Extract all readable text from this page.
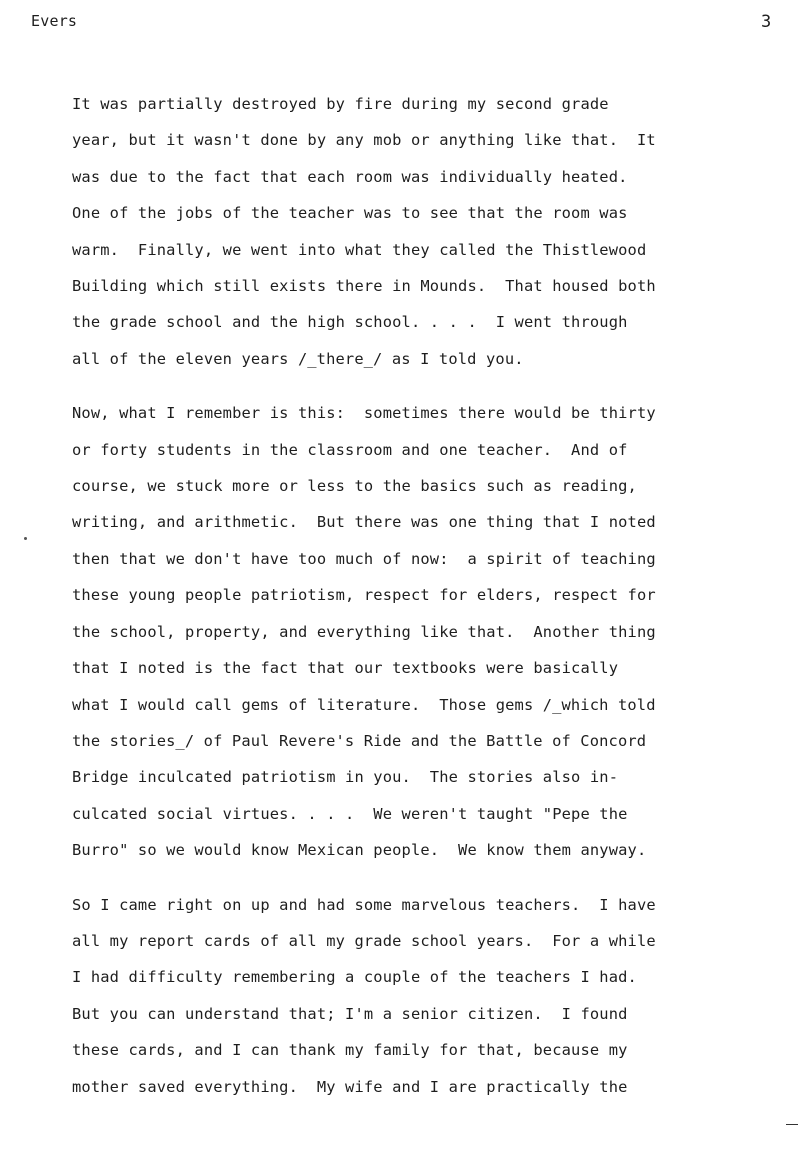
Evers	3
It was partially destroyed by fire during my second grade
year, but it wasn't done by any mob or anything like that.  It
was due to the fact that each room was individually heated.
One of the jobs of the teacher was to see that the room was
warm.  Finally, we went into what they called the Thistlewood
Building which still exists there in Mounds.  That housed both
the grade school and the high school. . . .  I went through
all of the eleven years /̲there̲/ as I told you.
Now, what I remember is this:  sometimes there would be thirty
or forty students in the classroom and one teacher.  And of
course, we stuck more or less to the basics such as reading,
writing, and arithmetic.  But there was one thing that I noted
then that we don't have too much of now:  a spirit of teaching
these young people patriotism, respect for elders, respect for
the school, property, and everything like that.  Another thing
that I noted is the fact that our textbooks were basically
what I would call gems of literature.  Those gems /̲which told
the stories̲/ of Paul Revere's Ride and the Battle of Concord
Bridge inculcated patriotism in you.  The stories also in-
culcated social virtues. . . .  We weren't taught "Pepe the
Burro" so we would know Mexican people.  We know them anyway.
So I came right on up and had some marvelous teachers.  I have
all my report cards of all my grade school years.  For a while
I had difficulty remembering a couple of the teachers I had.
But you can understand that; I'm a senior citizen.  I found
these cards, and I can thank my family for that, because my
mother saved everything.  My wife and I are practically the
